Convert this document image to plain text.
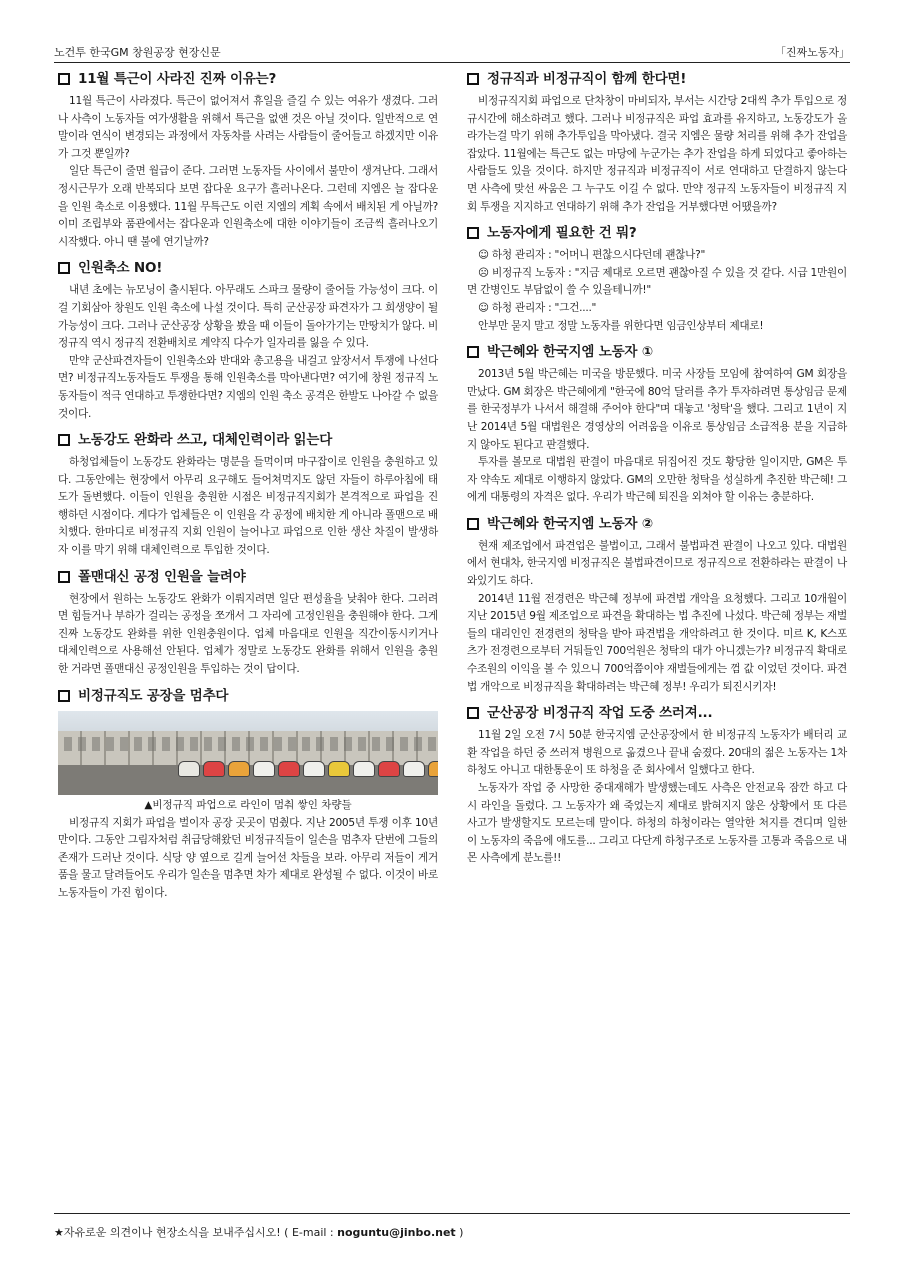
노건투 한국GM 창원공장 현장신문	「진짜노동자」
11월 특근이 사라진 진짜 이유는?

11월 특근이 사라졌다. 특근이 없어져서 휴일을 즐길 수 있는 여유가 생겼다. 그러나 사측이 노동자들 여가생활을 위해서 특근을 없앤 것은 아닐 것이다. 일반적으로 연말이라 연식이 변경되는 과정에서 자동차를 사려는 사람들이 줄어들고 하겠지만 이유가 그것 뿐일까?

일단 특근이 줄면 월급이 준다. 그러면 노동자들 사이에서 불만이 생겨난다. 그래서 정시근무가 오래 반복되다 보면 잡다운 요구가 흘러나온다. 그런데 지엠은 늘 잡다운을 인원 축소로 이용했다. 11월 무특근도 이런 지엠의 계획 속에서 배치된 게 아닐까? 이미 조립부와 품관에서는 잡다운과 인원축소에 대한 이야기들이 조금씩 흘러나오기 시작했다. 아니 땐 불에 연기날까?

인원축소 NO!

내년 초에는 뉴모닝이 출시된다. 아무래도 스파크 물량이 줄어들 가능성이 크다. 이걸 기회삼아 창원도 인원 축소에 나설 것이다. 특히 군산공장 파견자가 그 희생양이 될 가능성이 크다. 그러나 군산공장 상황을 봤을 때 이들이 돌아가기는 만땅치가 않다. 비정규직 역시 정규직 전환배치로 계약직 다수가 일자리를 잃을 수 있다.

만약 군산파견자들이 인원축소와 반대와 총고용을 내걸고 앞장서서 투쟁에 나선다면? 비정규직노동자들도 투쟁을 통해 인원축소를 막아낸다면? 여기에 창원 정규직 노동자들이 적극 연대하고 투쟁한다면? 지엠의 인원 축소 공격은 한발도 나아갈 수 없을 것이다.

노동강도 완화라 쓰고, 대체인력이라 읽는다

하청업체들이 노동강도 완화라는 명분을 들먹이며 마구잡이로 인원을 충원하고 있다. 그동안에는 현장에서 아무리 요구해도 들어쳐먹지도 않던 자들이 하루아침에 태도가 돌변했다. 이들이 인원을 충원한 시점은 비정규직지회가 본격적으로 파업을 진행하던 시점이다. 게다가 업체들은 이 인원을 각 공정에 배치한 게 아니라 폴맨으로 배치했다. 한마디로 비정규직 지회 인원이 늘어나고 파업으로 인한 생산 차질이 발생하자 이를 막기 위해 대체인력으로 투입한 것이다.

폴맨대신 공정 인원을 늘려야

현장에서 원하는 노동강도 완화가 이뤄지려면 일단 편성율을 낮춰야 한다. 그러려면 힘들거나 부하가 걸리는 공정을 쪼개서 그 자리에 고정인원을 충원해야 한다. 그게 진짜 노동강도 완화를 위한 인원충원이다. 업체 마음대로 인원을 직간이동시키거나 대체인력으로 사용해선 안된다. 업체가 정말로 노동강도 완화를 위해서 인원을 충원한 거라면 폴맨대신 공정인원을 투입하는 것이 답이다.

비정규직도 공장을 멈추다
▲비정규직 파업으로 라인이 멈춰 쌓인 차량들

비정규직 지회가 파업을 벌이자 공장 곳곳이 멈췄다. 지난 2005년 투쟁 이후 10년만이다. 그동안 그림자처럼 취급당해왔던 비정규직들이 일손을 멈추자 단번에 그들의 존재가 드러난 것이다. 식당 양 옆으로 길게 늘어선 차들을 보라. 아무리 저들이 게거품을 물고 달려들어도 우리가 일손을 멈추면 차가 제대로 완성될 수 없다. 이것이 바로 노동자들이 가진 힘이다.

정규직과 비정규직이 함께 한다면!

비정규직지회 파업으로 단차창이 마비되자, 부서는 시간당 2대씩 추가 투입으로 정규시간에 해소하려고 했다. 그러나 비정규직은 파업 효과를 유지하고, 노동강도가 올라가는걸 막기 위해 추가투입을 막아냈다. 결국 지엠은 물량 처리를 위해 추가 잔업을 잡았다. 11월에는 특근도 없는 마당에 누군가는 추가 잔업을 하게 되었다고 좋아하는 사람들도 있을 것이다. 하지만 정규직과 비정규직이 서로 연대하고 단결하지 않는다면 사측에 맞선 싸움은 그 누구도 이길 수 없다. 만약 정규직 노동자들이 비정규직 지회 투쟁을 지지하고 연대하기 위해 추가 잔업을 거부했다면 어땠을까?

노동자에게 필요한 건 뭐?

☺ 하청 관리자 : "어머니 편찮으시다던데 괜찮나?"

☹ 비정규직 노동자 : "지금 제대로 오르면 괜찮아질 수 있을 것 같다. 시급 1만원이면 간병인도 부담없이 쓸 수 있을테니까!"

☺ 하청 관리자 : "그건...."

안부만 묻지 말고 정말 노동자를 위한다면 임금인상부터 제대로!

박근혜와 한국지엠 노동자 ①

2013년 5월 박근혜는 미국을 방문했다. 미국 사장들 모임에 참여하여 GM 회장을 만났다. GM 회장은 박근혜에게 "한국에 80억 달러를 추가 투자하려면 통상임금 문제를 한국정부가 나서서 해결해 주어야 한다"며 대놓고 '청탁'을 했다. 그리고 1년이 지난 2014년 5월 대법원은 경영상의 어려움을 이유로 통상임금 소급적용 분을 지급하지 않아도 된다고 판결했다.

투자를 볼모로 대법원 판결이 마음대로 뒤집어진 것도 황당한 일이지만, GM은 투자 약속도 제대로 이행하지 않았다. GM의 오만한 청탁을 성실하게 추진한 박근혜! 그에게 대통령의 자격은 없다. 우리가 박근혜 퇴진을 외쳐야 할 이유는 충분하다.

박근혜와 한국지엠 노동자 ②

현재 제조업에서 파견업은 불법이고, 그래서 불법파견 판결이 나오고 있다. 대법원에서 현대차, 한국지엠 비정규직은 불법파견이므로 정규직으로 전환하라는 판결이 나와있기도 하다.

2014년 11월 전경련은 박근혜 정부에 파견법 개악을 요청했다. 그리고 10개월이 지난 2015년 9월 제조업으로 파견을 확대하는 법 추진에 나섰다. 박근혜 정부는 재벌들의 대리인인 전경련의 청탁을 받아 파견법을 개악하려고 한 것이다. 미르 K, K스포츠가 전경련으로부터 거둬들인 700억원은 청탁의 대가 아니겠는가? 비정규직 확대로 수조원의 이익을 볼 수 있으니 700억쯤이야 재벌들에게는 껌 값 이었던 것이다. 파견법 개악으로 비정규직을 확대하려는 박근혜 정부! 우리가 퇴진시키자!

군산공장 비정규직 작업 도중 쓰러져...

11월 2일 오전 7시 50분 한국지엠 군산공장에서 한 비정규직 노동자가 배터리 교환 작업을 하던 중 쓰러져 병원으로 옮겼으나 끝내 숨졌다. 20대의 젊은 노동자는 1차 하청도 아니고 대한통운이 또 하청을 준 회사에서 일했다고 한다.

노동자가 작업 중 사망한 중대재해가 발생했는데도 사측은 안전교육 잠깐 하고 다시 라인을 돌렸다. 그 노동자가 왜 죽었는지 제대로 밝혀지지 않은 상황에서 또 다른 사고가 발생할지도 모르는데 말이다. 하청의 하청이라는 열악한 처지를 견디며 일한 이 노동자의 죽음에 애도를... 그리고 다단계 하청구조로 노동자를 고통과 죽음으로 내몬 사측에게 분노를!!

★자유로운 의견이나 현장소식을 보내주십시오! ( E-mail : noguntu@jinbo.net )
